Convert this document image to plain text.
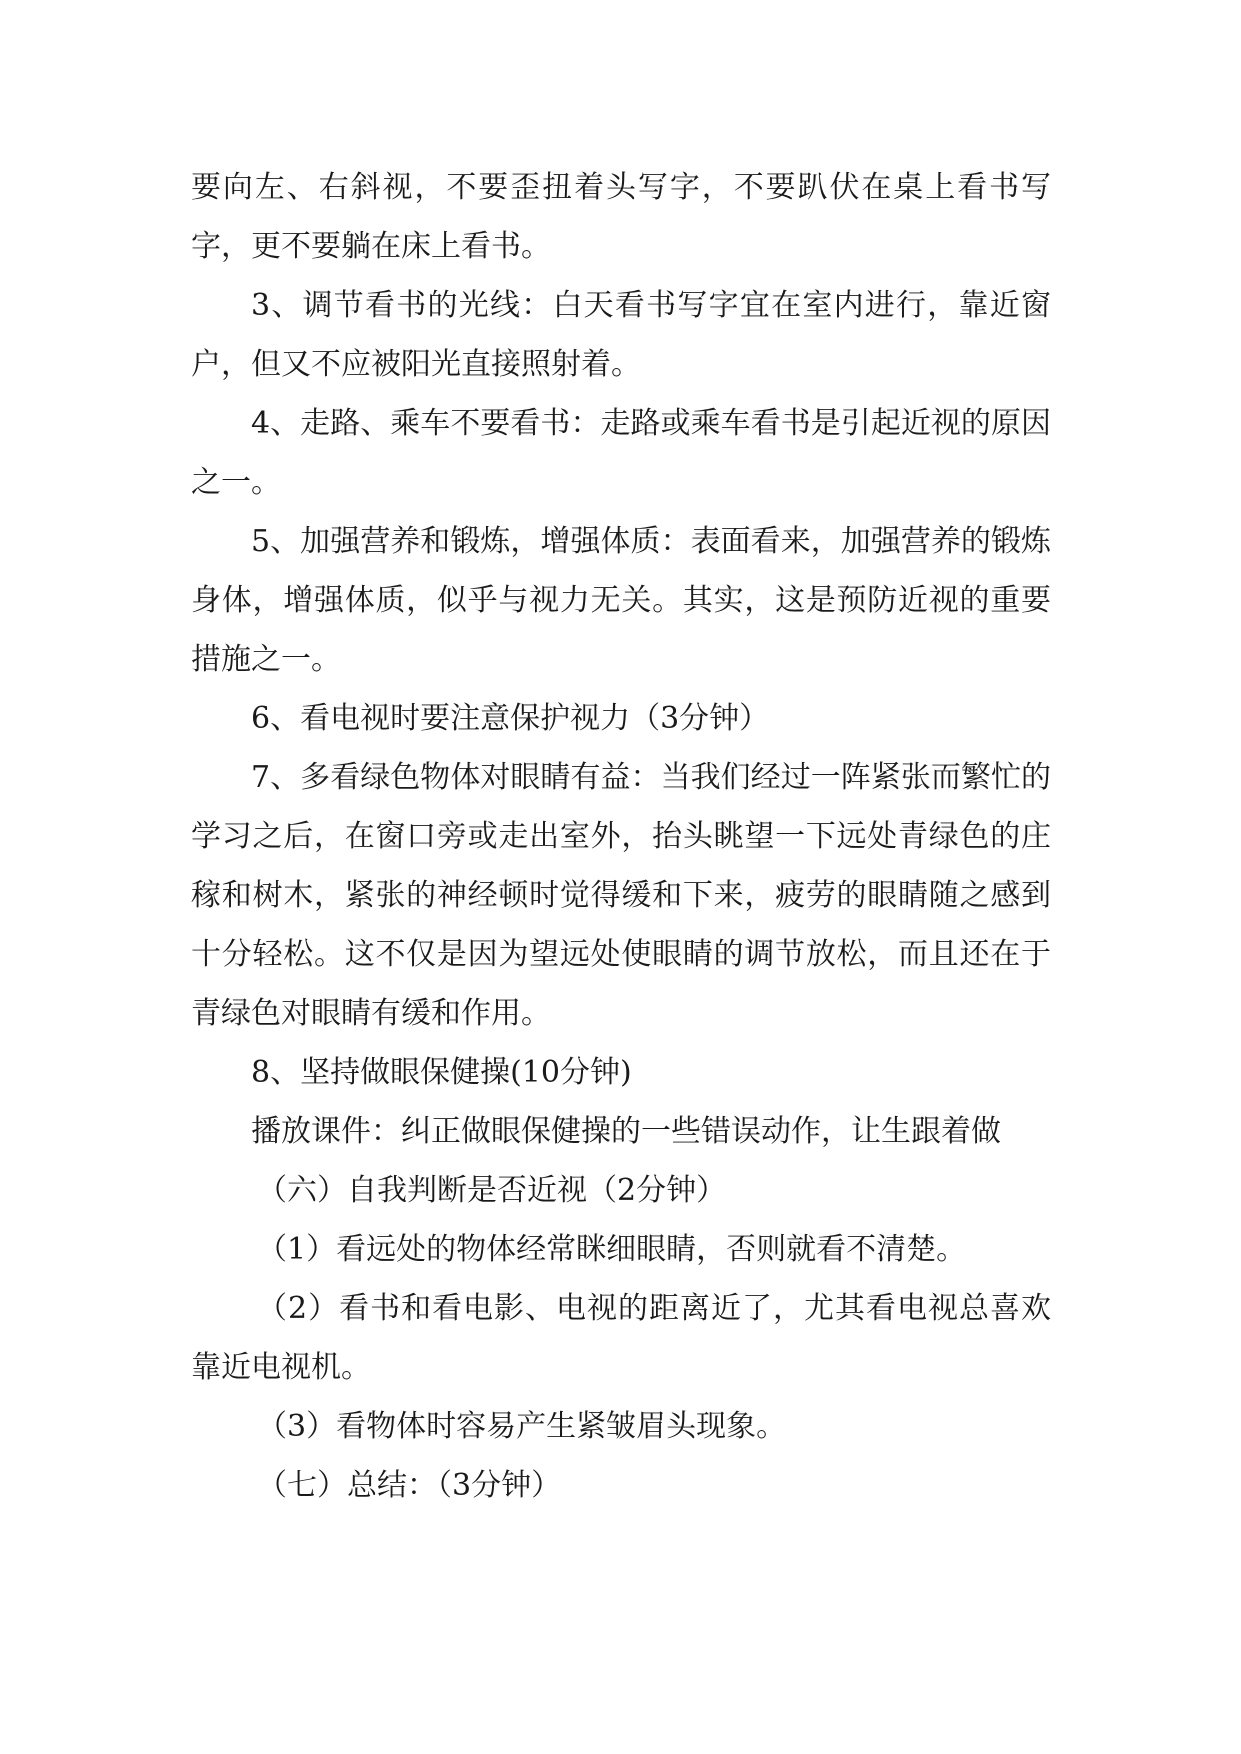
要向左、右斜视，不要歪扭着头写字，不要趴伏在桌上看书写字，更不要躺在床上看书。

3、调节看书的光线：白天看书写字宜在室内进行，靠近窗户，但又不应被阳光直接照射着。

4、走路、乘车不要看书：走路或乘车看书是引起近视的原因之一。

5、加强营养和锻炼，增强体质：表面看来，加强营养的锻炼身体，增强体质，似乎与视力无关。其实，这是预防近视的重要措施之一。

6、看电视时要注意保护视力（3分钟）

7、多看绿色物体对眼睛有益：当我们经过一阵紧张而繁忙的学习之后，在窗口旁或走出室外，抬头眺望一下远处青绿色的庄稼和树木，紧张的神经顿时觉得缓和下来，疲劳的眼睛随之感到十分轻松。这不仅是因为望远处使眼睛的调节放松，而且还在于青绿色对眼睛有缓和作用。

8、坚持做眼保健操(10分钟)

播放课件：纠正做眼保健操的一些错误动作，让生跟着做

（六）自我判断是否近视（2分钟）

（1）看远处的物体经常眯细眼睛，否则就看不清楚。

（2）看书和看电影、电视的距离近了，尤其看电视总喜欢靠近电视机。

（3）看物体时容易产生紧皱眉头现象。

（七）总结：（3分钟）
